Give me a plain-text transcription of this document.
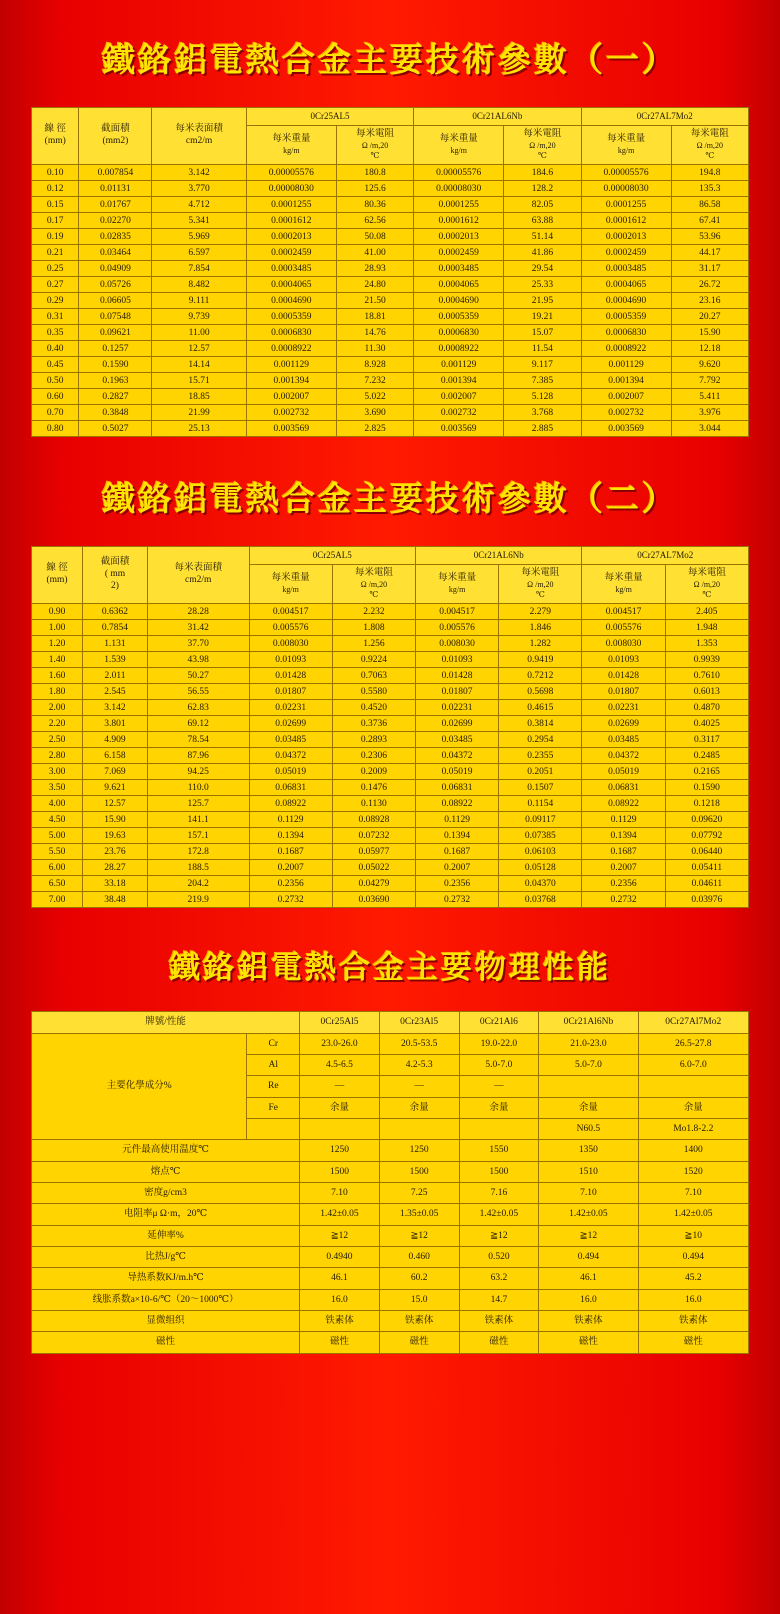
鐵鉻鋁電熱合金主要技術參數（一）
線 徑
(mm)

截面積
(mm2)

每米表面積
cm2/m
	0Cr25AL5	0Cr21AL6Nb	0Cr27AL7Mo2

每米重量
kg/m

每米電阻
Ω /m,20
℃

每米重量
kg/m

每米電阻
Ω /m,20
℃

每米重量
kg/m

每米電阻
Ω /m,20
℃

0.10	0.007854	3.142	0.00005576	180.8	0.00005576	184.6	0.00005576	194.8
0.12	0.01131	3.770	0.00008030	125.6	0.00008030	128.2	0.00008030	135.3
0.15	0.01767	4.712	0.0001255	80.36	0.0001255	82.05	0.0001255	86.58
0.17	0.02270	5.341	0.0001612	62.56	0.0001612	63.88	0.0001612	67.41
0.19	0.02835	5.969	0.0002013	50.08	0.0002013	51.14	0.0002013	53.96
0.21	0.03464	6.597	0.0002459	41.00	0.0002459	41.86	0.0002459	44.17
0.25	0.04909	7.854	0.0003485	28.93	0.0003485	29.54	0.0003485	31.17
0.27	0.05726	8.482	0.0004065	24.80	0.0004065	25.33	0.0004065	26.72
0.29	0.06605	9.111	0.0004690	21.50	0.0004690	21.95	0.0004690	23.16
0.31	0.07548	9.739	0.0005359	18.81	0.0005359	19.21	0.0005359	20.27
0.35	0.09621	11.00	0.0006830	14.76	0.0006830	15.07	0.0006830	15.90
0.40	0.1257	12.57	0.0008922	11.30	0.0008922	11.54	0.0008922	12.18
0.45	0.1590	14.14	0.001129	8.928	0.001129	9.117	0.001129	9.620
0.50	0.1963	15.71	0.001394	7.232	0.001394	7.385	0.001394	7.792
0.60	0.2827	18.85	0.002007	5.022	0.002007	5.128	0.002007	5.411
0.70	0.3848	21.99	0.002732	3.690	0.002732	3.768	0.002732	3.976
0.80	0.5027	25.13	0.003569	2.825	0.003569	2.885	0.003569	3.044
鐵鉻鋁電熱合金主要技術參數（二）
線 徑
(mm)

截面積
( mm
2)

每米表面積
cm2/m
	0Cr25AL5	0Cr21AL6Nb	0Cr27AL7Mo2

每米重量
kg/m

每米電阻
Ω /m,20
℃

每米重量
kg/m

每米電阻
Ω /m,20
℃

每米重量
kg/m

每米電阻
Ω /m,20
℃

0.90	0.6362	28.28	0.004517	2.232	0.004517	2.279	0.004517	2.405
1.00	0.7854	31.42	0.005576	1.808	0.005576	1.846	0.005576	1.948
1.20	1.131	37.70	0.008030	1.256	0.008030	1.282	0.008030	1.353
1.40	1.539	43.98	0.01093	0.9224	0.01093	0.9419	0.01093	0.9939
1.60	2.011	50.27	0.01428	0.7063	0.01428	0.7212	0.01428	0.7610
1.80	2.545	56.55	0.01807	0.5580	0.01807	0.5698	0.01807	0.6013
2.00	3.142	62.83	0.02231	0.4520	0.02231	0.4615	0.02231	0.4870
2.20	3.801	69.12	0.02699	0.3736	0.02699	0.3814	0.02699	0.4025
2.50	4.909	78.54	0.03485	0.2893	0.03485	0.2954	0.03485	0.3117
2.80	6.158	87.96	0.04372	0.2306	0.04372	0.2355	0.04372	0.2485
3.00	7.069	94.25	0.05019	0.2009	0.05019	0.2051	0.05019	0.2165
3.50	9.621	110.0	0.06831	0.1476	0.06831	0.1507	0.06831	0.1590
4.00	12.57	125.7	0.08922	0.1130	0.08922	0.1154	0.08922	0.1218
4.50	15.90	141.1	0.1129	0.08928	0.1129	0.09117	0.1129	0.09620
5.00	19.63	157.1	0.1394	0.07232	0.1394	0.07385	0.1394	0.07792
5.50	23.76	172.8	0.1687	0.05977	0.1687	0.06103	0.1687	0.06440
6.00	28.27	188.5	0.2007	0.05022	0.2007	0.05128	0.2007	0.05411
6.50	33.18	204.2	0.2356	0.04279	0.2356	0.04370	0.2356	0.04611
7.00	38.48	219.9	0.2732	0.03690	0.2732	0.03768	0.2732	0.03976
鐵鉻鋁電熱合金主要物理性能
牌號/性能		0Cr25Al5	0Cr23Al5	0Cr21Al6	0Cr21Al6Nb	0Cr27Al7Mo2
主要化學成分%	Cr	23.0-26.0	20.5-53.5	19.0-22.0	21.0-23.0	26.5-27.8
	Al	4.5-6.5	4.2-5.3	5.0-7.0	5.0-7.0	6.0-7.0
	Re	—	—	—		
	Fe	余量	余量	余量	余量	余量
					N60.5	Mo1.8-2.2
元件最高使用温度℃		1250	1250	1550	1350	1400
熔点℃		1500	1500	1500	1510	1520
密度g/cm3		7.10	7.25	7.16	7.10	7.10
电阻率μ Ω·m，20℃		1.42±0.05	1.35±0.05	1.42±0.05	1.42±0.05	1.42±0.05
延伸率%		≧12	≧12	≧12	≧12	≧10
比热J/g℃		0.4940	0.460	0.520	0.494	0.494
导热系数KJ/m.h℃		46.1	60.2	63.2	46.1	45.2
线胀系数a×10-6/℃（20～1000℃）		16.0	15.0	14.7	16.0	16.0
显微组织		铁素体	铁素体	铁素体	铁素体	铁素体
磁性		磁性	磁性	磁性	磁性	磁性
